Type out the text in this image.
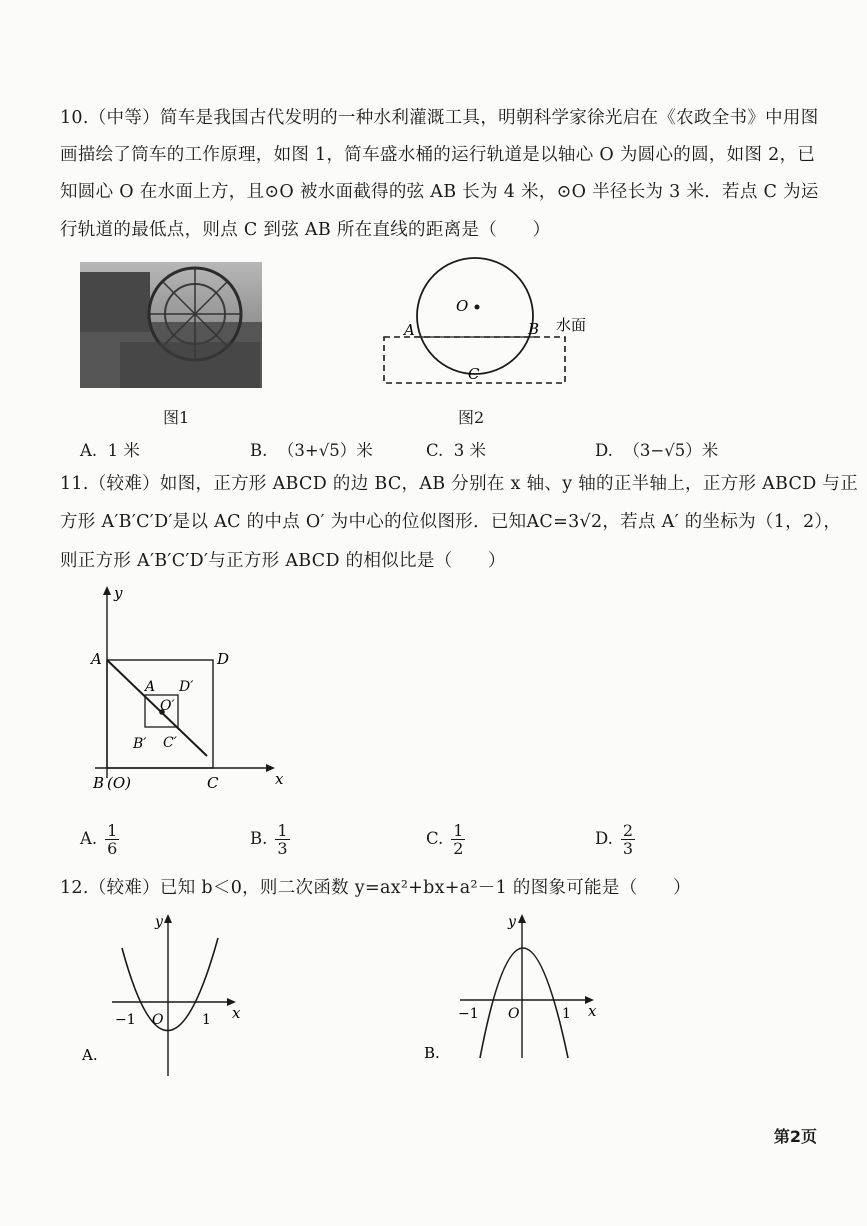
10.（中等）简车是我国古代发明的一种水利灌溉工具，明朝科学家徐光启在《农政全书》中用图
画描绘了筒车的工作原理，如图 1，简车盛水桶的运行轨道是以轴心 O 为圆心的圆，如图 2，已
知圆心 O 在水面上方，且⊙O 被水面截得的弦 AB 长为 4 米，⊙O 半径长为 3 米．若点 C 为运
行轨道的最低点，则点 C 到弦 AB 所在直线的距离是（　　）
图1
O
A	B
C
水面
图2
A. 1 米	B. （3+√5）米	C. 3 米	D. （3−√5）米
11.（较难）如图，正方形 ABCD 的边 BC，AB 分别在 x 轴、y 轴的正半轴上，正方形 ABCD 与正
方形 A′B′C′D′是以 AC 的中点 O′ 为中心的位似图形．已知AC=3√2，若点 A′ 的坐标为（1，2），
则正方形 A′B′C′D′与正方形 ABCD 的相似比是（　　）
y
x
A	D
C
B (O)
A D′
O′
B′ C′
A. $\frac{1}{6}$	B. $\frac{1}{3}$	C. $\frac{1}{2}$	D. $\frac{2}{3}$
12.（较难）已知 b＜0，则二次函数 y=ax²+bx+a²－1 的图象可能是（　　）
y
x
−1 O	1
A.
y
x
−1 O	1
B.
第2页
